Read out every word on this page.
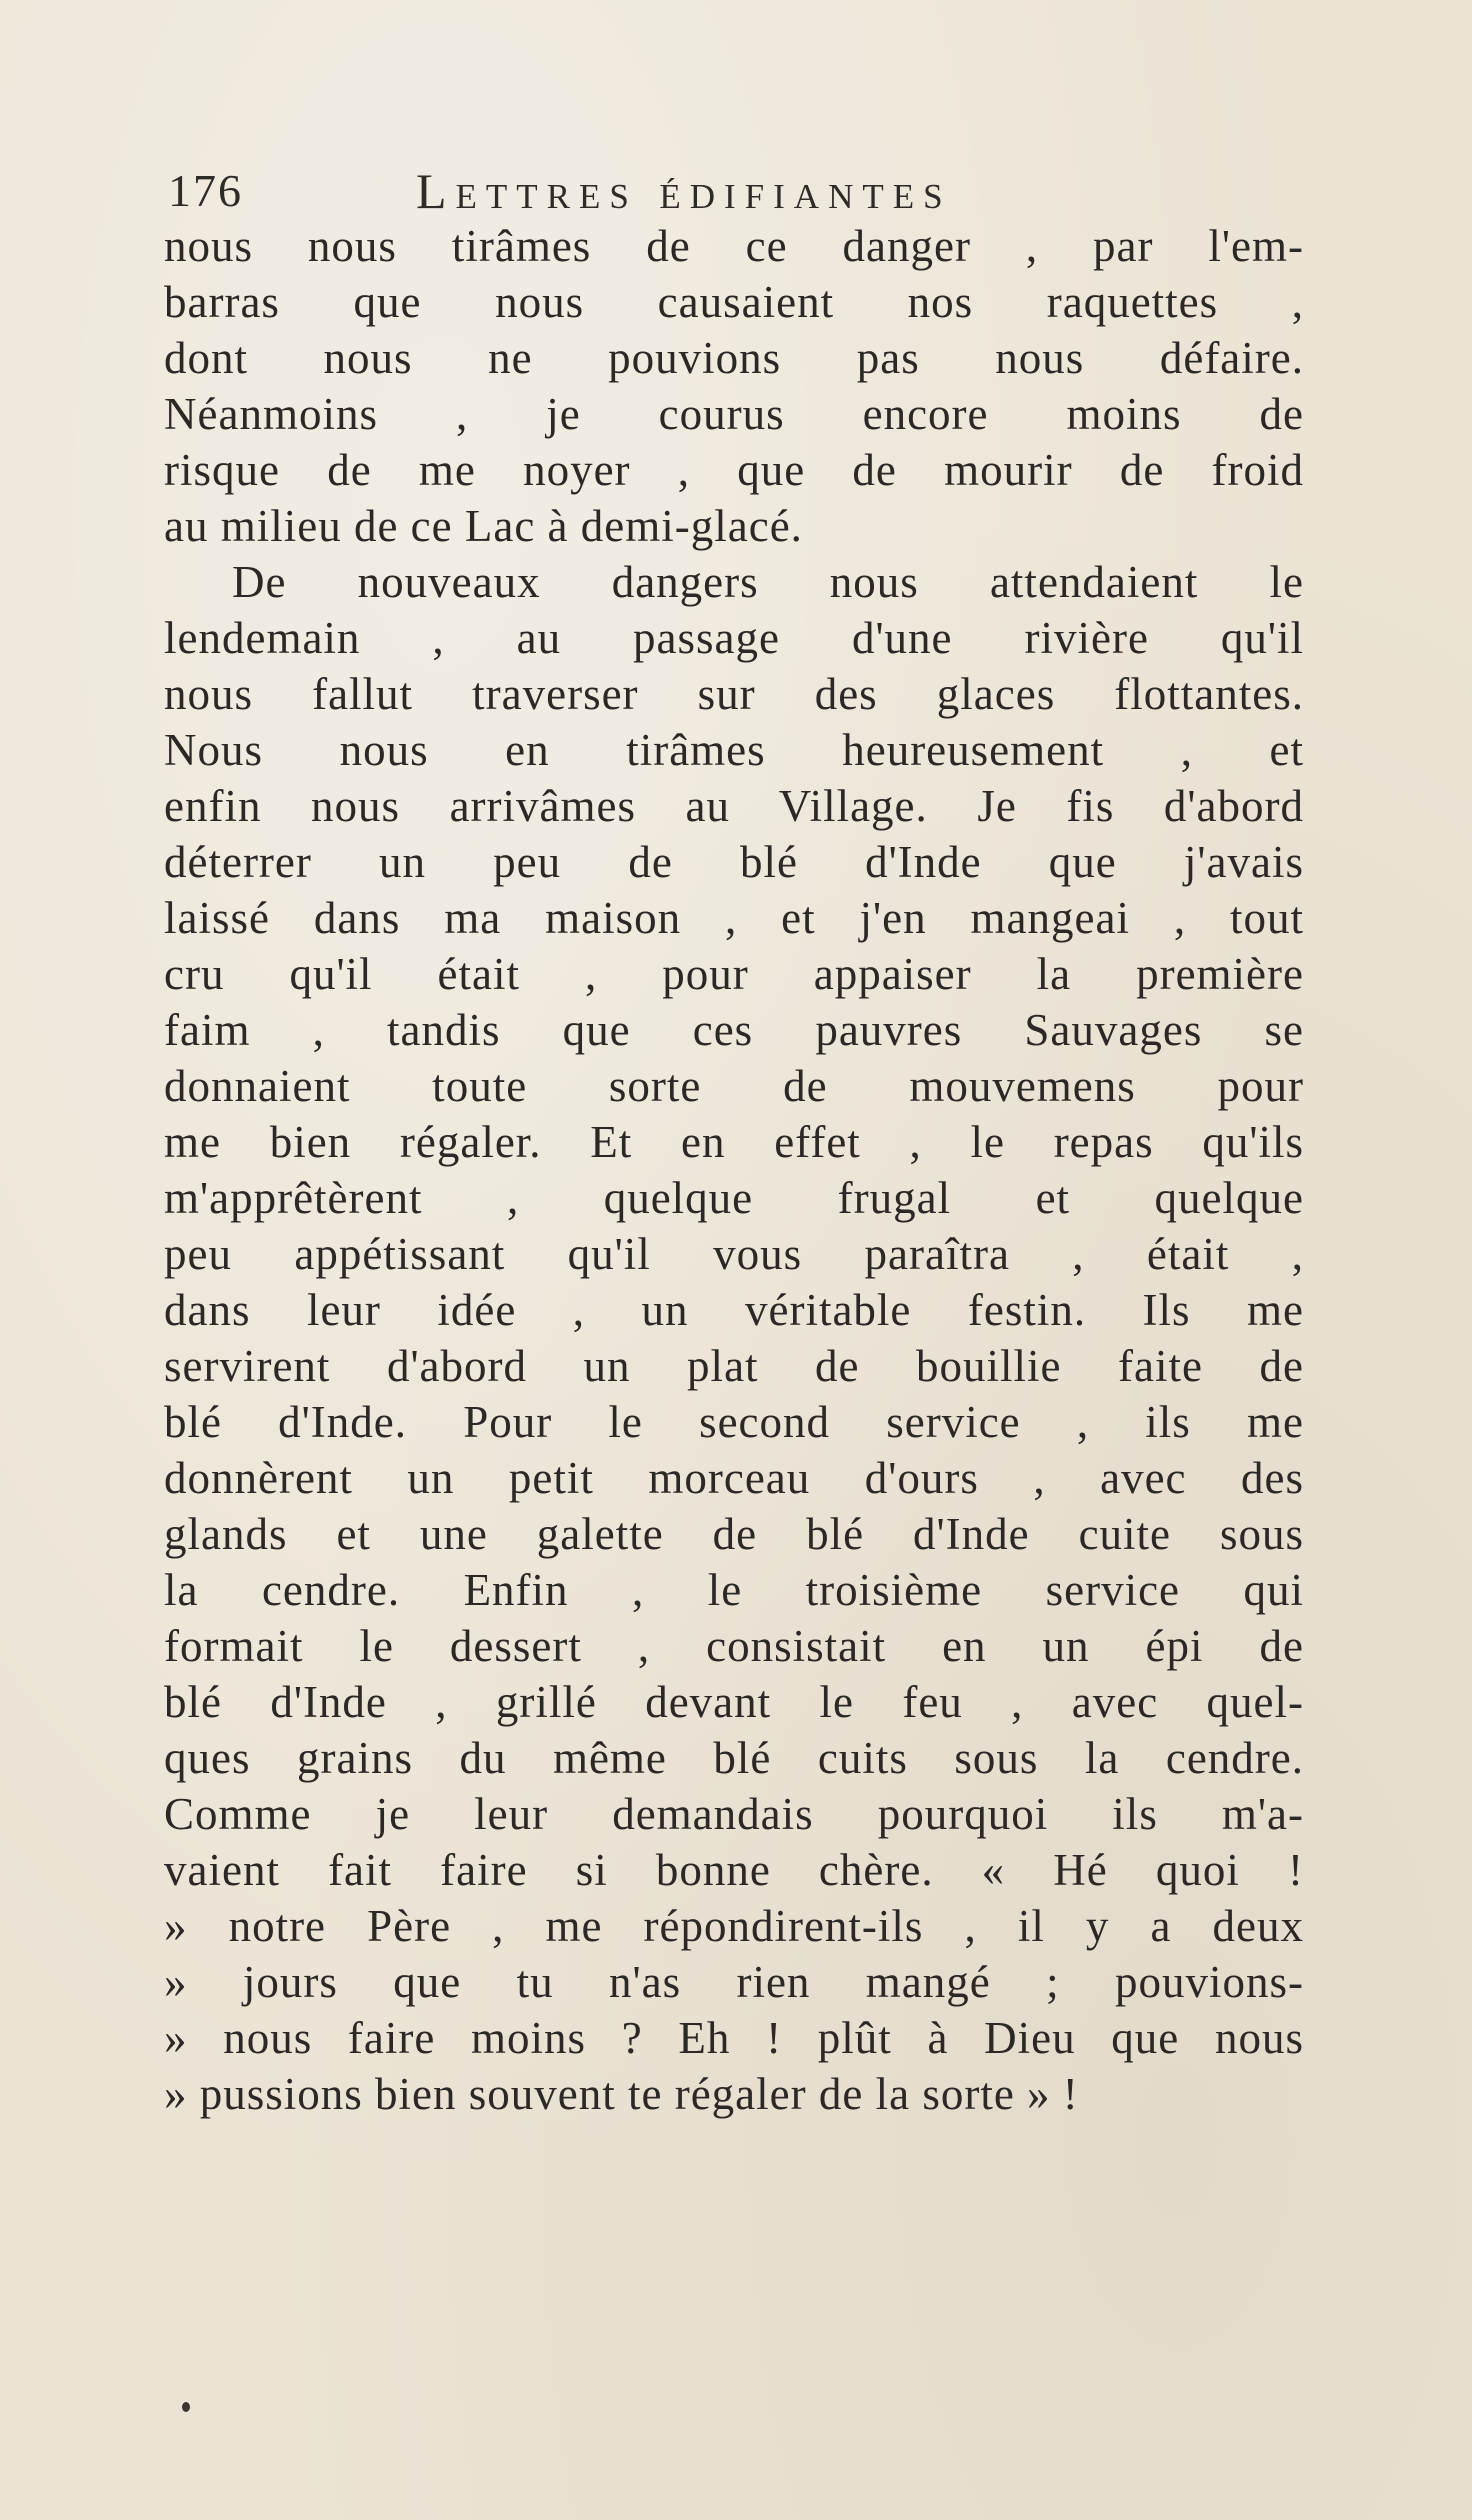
176	Lettres édifiantes
nous nous tirâmes de ce danger , par l'em-
barras que nous causaient nos raquettes ,
dont nous ne pouvions pas nous défaire.
Néanmoins , je courus encore moins de
risque de me noyer , que de mourir de froid
au milieu de ce Lac à demi-glacé.
De nouveaux dangers nous attendaient le
lendemain , au passage d'une rivière qu'il
nous fallut traverser sur des glaces flottantes.
Nous nous en tirâmes heureusement , et
enfin nous arrivâmes au Village. Je fis d'abord
déterrer un peu de blé d'Inde que j'avais
laissé dans ma maison , et j'en mangeai , tout
cru qu'il était , pour appaiser la première
faim , tandis que ces pauvres Sauvages se
donnaient toute sorte de mouvemens pour
me bien régaler. Et en effet , le repas qu'ils
m'apprêtèrent , quelque frugal et quelque
peu appétissant qu'il vous paraîtra , était ,
dans leur idée , un véritable festin. Ils me
servirent d'abord un plat de bouillie faite de
blé d'Inde. Pour le second service , ils me
donnèrent un petit morceau d'ours , avec des
glands et une galette de blé d'Inde cuite sous
la cendre. Enfin , le troisième service qui
formait le dessert , consistait en un épi de
blé d'Inde , grillé devant le feu , avec quel-
ques grains du même blé cuits sous la cendre.
Comme je leur demandais pourquoi ils m'a-
vaient fait faire si bonne chère. « Hé quoi !
» notre Père , me répondirent-ils , il y a deux
» jours que tu n'as rien mangé ; pouvions-
» nous faire moins ? Eh ! plût à Dieu que nous
» pussions bien souvent te régaler de la sorte » !
